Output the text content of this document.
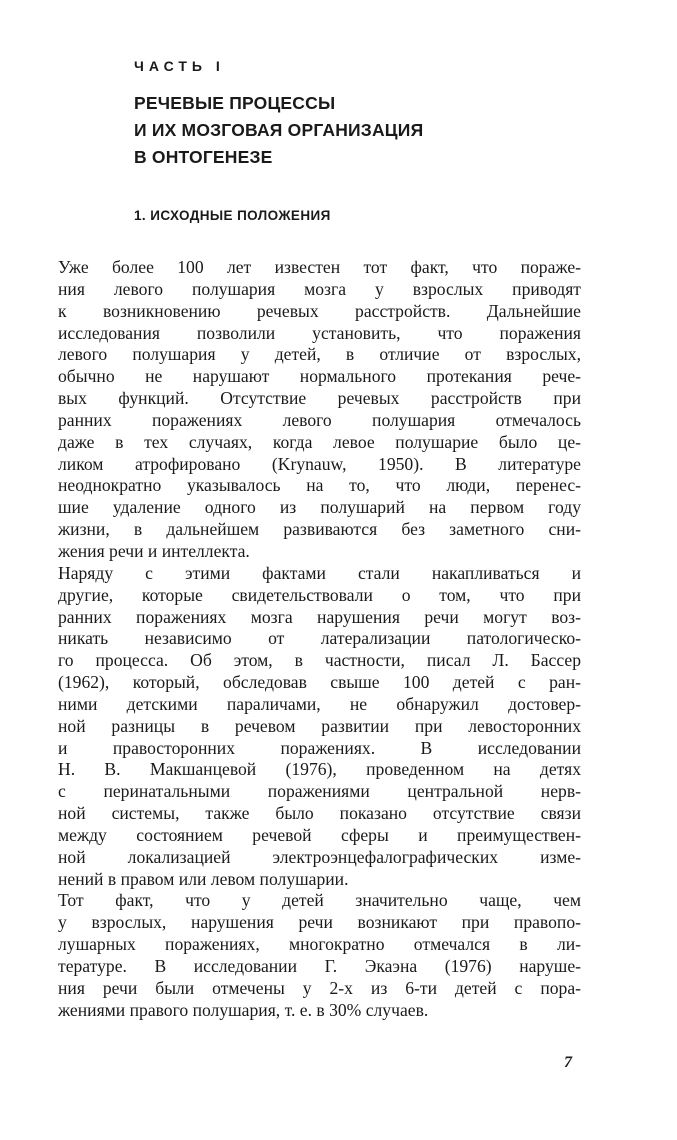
ЧАСТЬ I

РЕЧЕВЫЕ ПРОЦЕССЫ
И ИХ МОЗГОВАЯ ОРГАНИЗАЦИЯ
В ОНТОГЕНЕЗЕ
1. ИСХОДНЫЕ ПОЛОЖЕНИЯ
Уже более 100 лет известен тот факт, что пораже-
ния левого полушария мозга у взрослых приводят
к возникновению речевых расстройств. Дальнейшие
исследования позволили установить, что поражения
левого полушария у детей, в отличие от взрослых,
обычно не нарушают нормального протекания рече-
вых функций. Отсутствие речевых расстройств при
ранних поражениях левого полушария отмечалось
даже в тех случаях, когда левое полушарие было це-
ликом атрофировано (Krynauw, 1950). В литературе
неоднократно указывалось на то, что люди, перенес-
шие удаление одного из полушарий на первом году
жизни, в дальнейшем развиваются без заметного сни-
жения речи и интеллекта.
Наряду с этими фактами стали накапливаться и
другие, которые свидетельствовали о том, что при
ранних поражениях мозга нарушения речи могут воз-
никать независимо от латерализации патологическо-
го процесса. Об этом, в частности, писал Л. Бассер
(1962), который, обследовав свыше 100 детей с ран-
ними детскими параличами, не обнаружил достовер-
ной разницы в речевом развитии при левосторонних
и правосторонних поражениях. В исследовании
Н. В. Макшанцевой (1976), проведенном на детях
с перинатальными поражениями центральной нерв-
ной системы, также было показано отсутствие связи
между состоянием речевой сферы и преимуществен-
ной локализацией электроэнцефалографических изме-
нений в правом или левом полушарии.
Тот факт, что у детей значительно чаще, чем
у взрослых, нарушения речи возникают при правопо-
лушарных поражениях, многократно отмечался в ли-
тературе. В исследовании Г. Экаэна (1976) наруше-
ния речи были отмечены у 2-х из 6-ти детей с пора-
жениями правого полушария, т. е. в 30% случаев.

7
